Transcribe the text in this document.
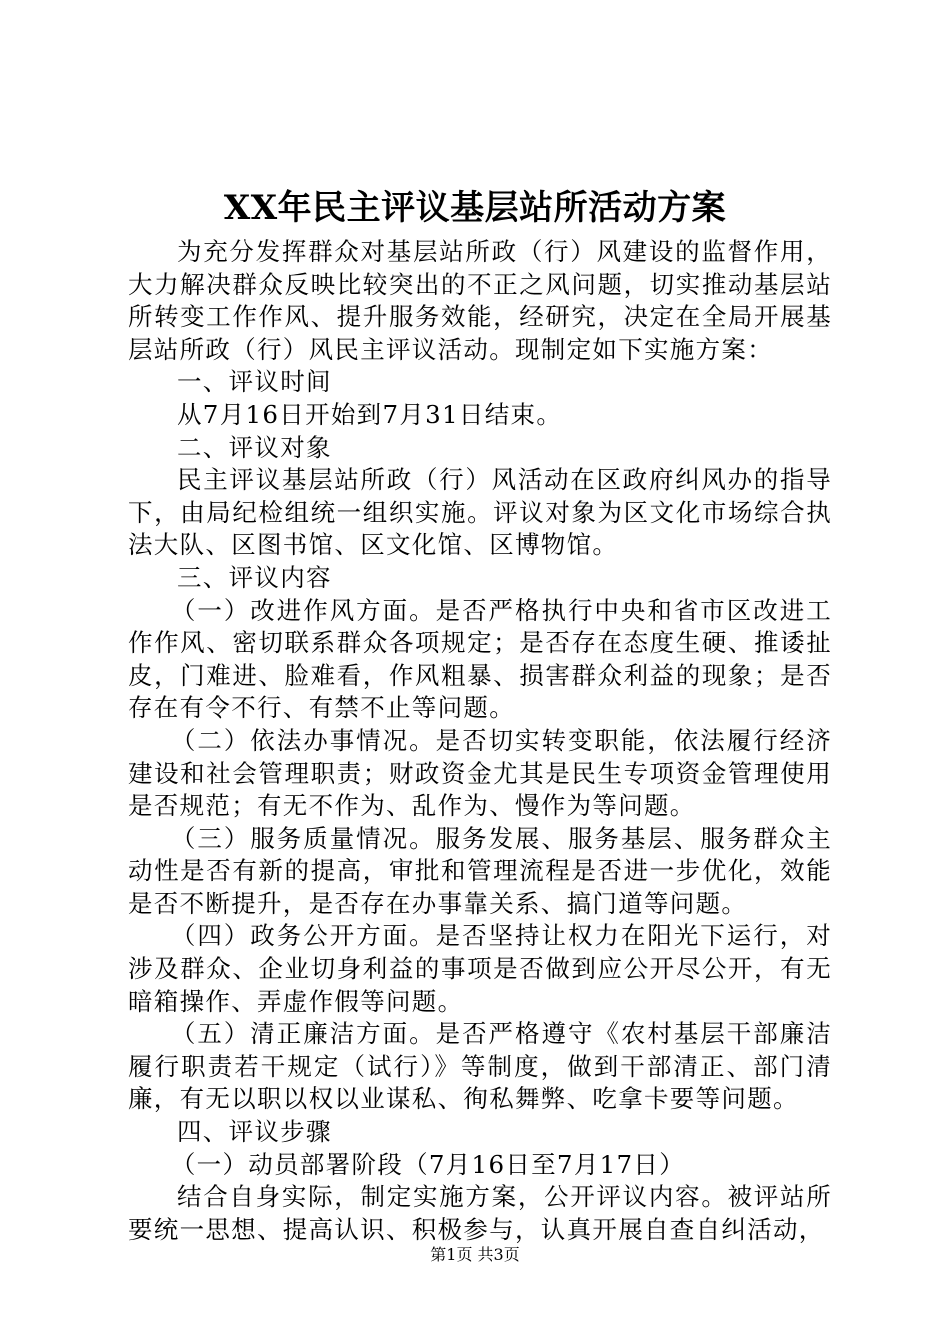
XX年民主评议基层站所活动方案

为充分发挥群众对基层站所政（行）风建设的监督作用，大力解决群众反映比较突出的不正之风问题，切实推动基层站所转变工作作风、提升服务效能，经研究，决定在全局开展基层站所政（行）风民主评议活动。现制定如下实施方案：

一、评议时间

从7月16日开始到7月31日结束。

二、评议对象

民主评议基层站所政（行）风活动在区政府纠风办的指导下，由局纪检组统一组织实施。评议对象为区文化市场综合执法大队、区图书馆、区文化馆、区博物馆。

三、评议内容

（一）改进作风方面。是否严格执行中央和省市区改进工作作风、密切联系群众各项规定；是否存在态度生硬、推诿扯皮，门难进、脸难看，作风粗暴、损害群众利益的现象；是否存在有令不行、有禁不止等问题。

（二）依法办事情况。是否切实转变职能，依法履行经济建设和社会管理职责；财政资金尤其是民生专项资金管理使用是否规范；有无不作为、乱作为、慢作为等问题。

（三）服务质量情况。服务发展、服务基层、服务群众主动性是否有新的提高，审批和管理流程是否进一步优化，效能是否不断提升，是否存在办事靠关系、搞门道等问题。

（四）政务公开方面。是否坚持让权力在阳光下运行，对涉及群众、企业切身利益的事项是否做到应公开尽公开，有无暗箱操作、弄虚作假等问题。

（五）清正廉洁方面。是否严格遵守《农村基层干部廉洁履行职责若干规定（试行）》等制度，做到干部清正、部门清廉，有无以职以权以业谋私、徇私舞弊、吃拿卡要等问题。

四、评议步骤

（一）动员部署阶段（7月16日至7月17日）

结合自身实际，制定实施方案，公开评议内容。被评站所要统一思想、提高认识、积极参与，认真开展自查自纠活动，

第1页 共3页
